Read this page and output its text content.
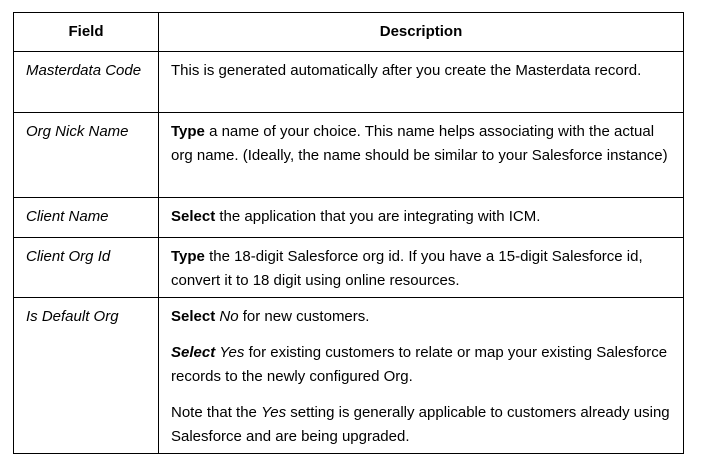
Field	Description
Masterdata Code	This is generated automatically after you create the Masterdata record.

Org Nick Name	Type a name of your choice. This name helps associating with the actual org name. (Ideally, the name should be similar to your Salesforce instance)

Client Name	Select the application that you are integrating with ICM.

Client Org Id	Type the 18-digit Salesforce org id. If you have a 15-digit Salesforce id, convert it to 18 digit using online resources.

Is Default Org	Select No for new customers.

Select Yes for existing customers to relate or map your existing Salesforce records to the newly configured Org.

Note that the Yes setting is generally applicable to customers already using Salesforce and are being upgraded.
